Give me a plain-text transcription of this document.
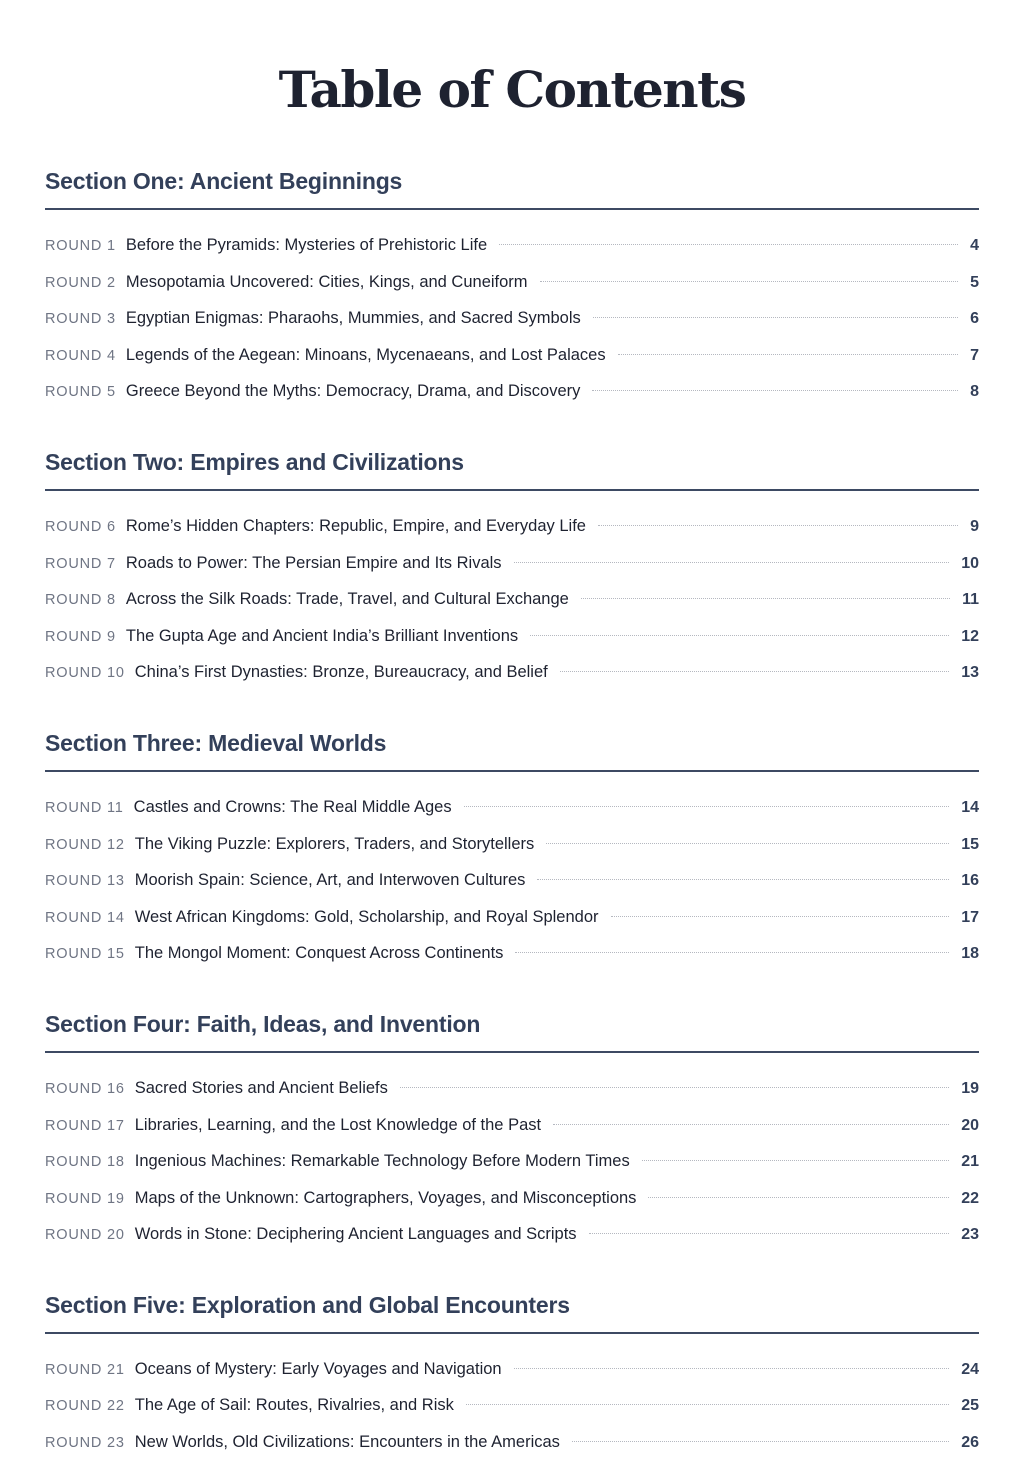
Table of Contents
Section One: Ancient Beginnings
ROUND 1 Before the Pyramids: Mysteries of Prehistoric Life	4
ROUND 2 Mesopotamia Uncovered: Cities, Kings, and Cuneiform	5
ROUND 3 Egyptian Enigmas: Pharaohs, Mummies, and Sacred Symbols	6
ROUND 4 Legends of the Aegean: Minoans, Mycenaeans, and Lost Palaces	7
ROUND 5 Greece Beyond the Myths: Democracy, Drama, and Discovery	8
Section Two: Empires and Civilizations
ROUND 6 Rome’s Hidden Chapters: Republic, Empire, and Everyday Life	9
ROUND 7 Roads to Power: The Persian Empire and Its Rivals	10
ROUND 8 Across the Silk Roads: Trade, Travel, and Cultural Exchange	11
ROUND 9 The Gupta Age and Ancient India’s Brilliant Inventions	12
ROUND 10 China’s First Dynasties: Bronze, Bureaucracy, and Belief	13
Section Three: Medieval Worlds
ROUND 11 Castles and Crowns: The Real Middle Ages	14
ROUND 12 The Viking Puzzle: Explorers, Traders, and Storytellers	15
ROUND 13 Moorish Spain: Science, Art, and Interwoven Cultures	16
ROUND 14 West African Kingdoms: Gold, Scholarship, and Royal Splendor	17
ROUND 15 The Mongol Moment: Conquest Across Continents	18
Section Four: Faith, Ideas, and Invention
ROUND 16 Sacred Stories and Ancient Beliefs	19
ROUND 17 Libraries, Learning, and the Lost Knowledge of the Past	20
ROUND 18 Ingenious Machines: Remarkable Technology Before Modern Times	21
ROUND 19 Maps of the Unknown: Cartographers, Voyages, and Misconceptions	22
ROUND 20 Words in Stone: Deciphering Ancient Languages and Scripts	23
Section Five: Exploration and Global Encounters
ROUND 21 Oceans of Mystery: Early Voyages and Navigation	24
ROUND 22 The Age of Sail: Routes, Rivalries, and Risk	25
ROUND 23 New Worlds, Old Civilizations: Encounters in the Americas	26
